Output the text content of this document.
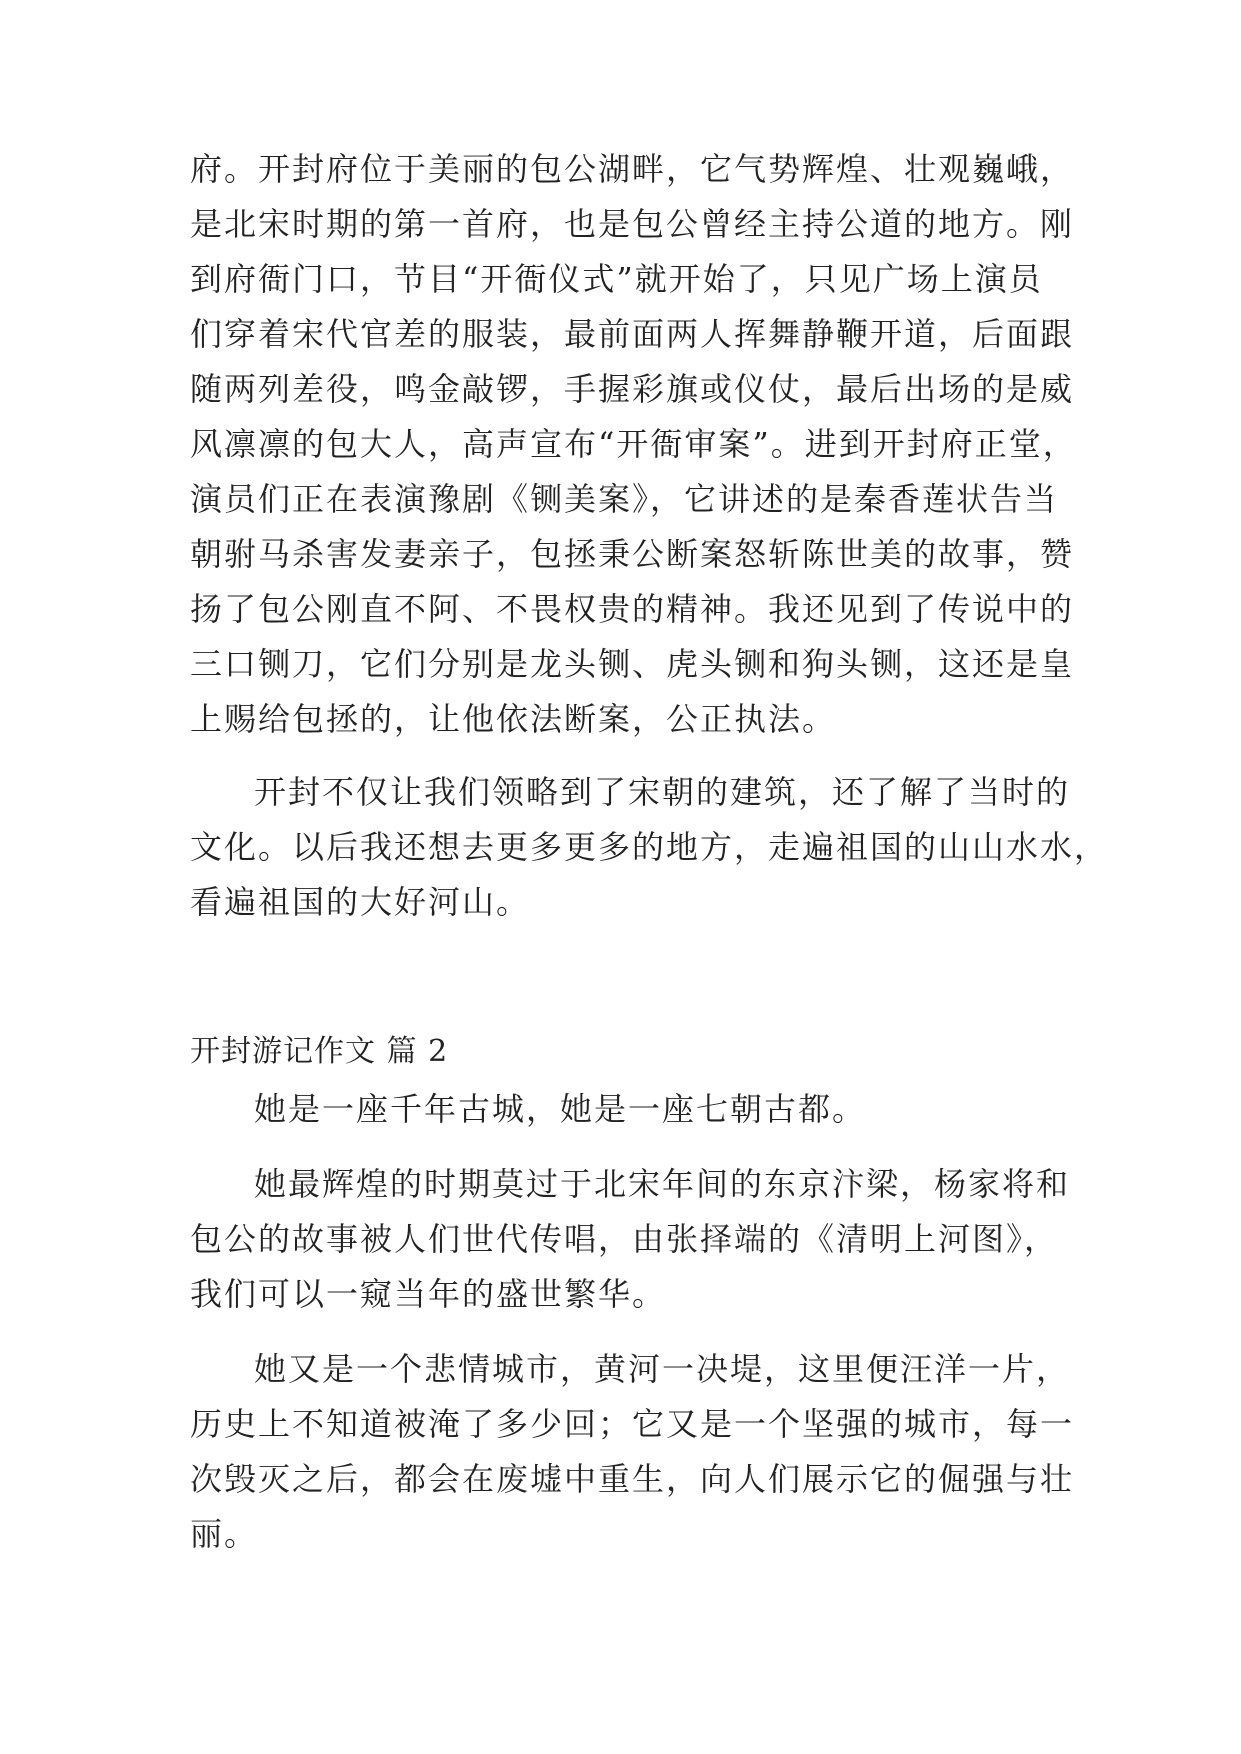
府。开封府位于美丽的包公湖畔，它气势辉煌、壮观巍峨，
是北宋时期的第一首府，也是包公曾经主持公道的地方。刚
到府衙门口，节目“开衙仪式”就开始了，只见广场上演员
们穿着宋代官差的服装，最前面两人挥舞静鞭开道，后面跟
随两列差役，鸣金敲锣，手握彩旗或仪仗，最后出场的是威
风凛凛的包大人，高声宣布“开衙审案”。进到开封府正堂，
演员们正在表演豫剧《铡美案》，它讲述的是秦香莲状告当
朝驸马杀害发妻亲子，包拯秉公断案怒斩陈世美的故事，赞
扬了包公刚直不阿、不畏权贵的精神。我还见到了传说中的
三口铡刀，它们分别是龙头铡、虎头铡和狗头铡，这还是皇
上赐给包拯的，让他依法断案，公正执法。
开封不仅让我们领略到了宋朝的建筑，还了解了当时的
文化。以后我还想去更多更多的地方，走遍祖国的山山水水，
看遍祖国的大好河山。
开封游记作文 篇 2
她是一座千年古城，她是一座七朝古都。
她最辉煌的时期莫过于北宋年间的东京汴梁，杨家将和
包公的故事被人们世代传唱，由张择端的《清明上河图》，
我们可以一窥当年的盛世繁华。
她又是一个悲情城市，黄河一决堤，这里便汪洋一片，
历史上不知道被淹了多少回；它又是一个坚强的城市，每一
次毁灭之后，都会在废墟中重生，向人们展示它的倔强与壮
丽。
